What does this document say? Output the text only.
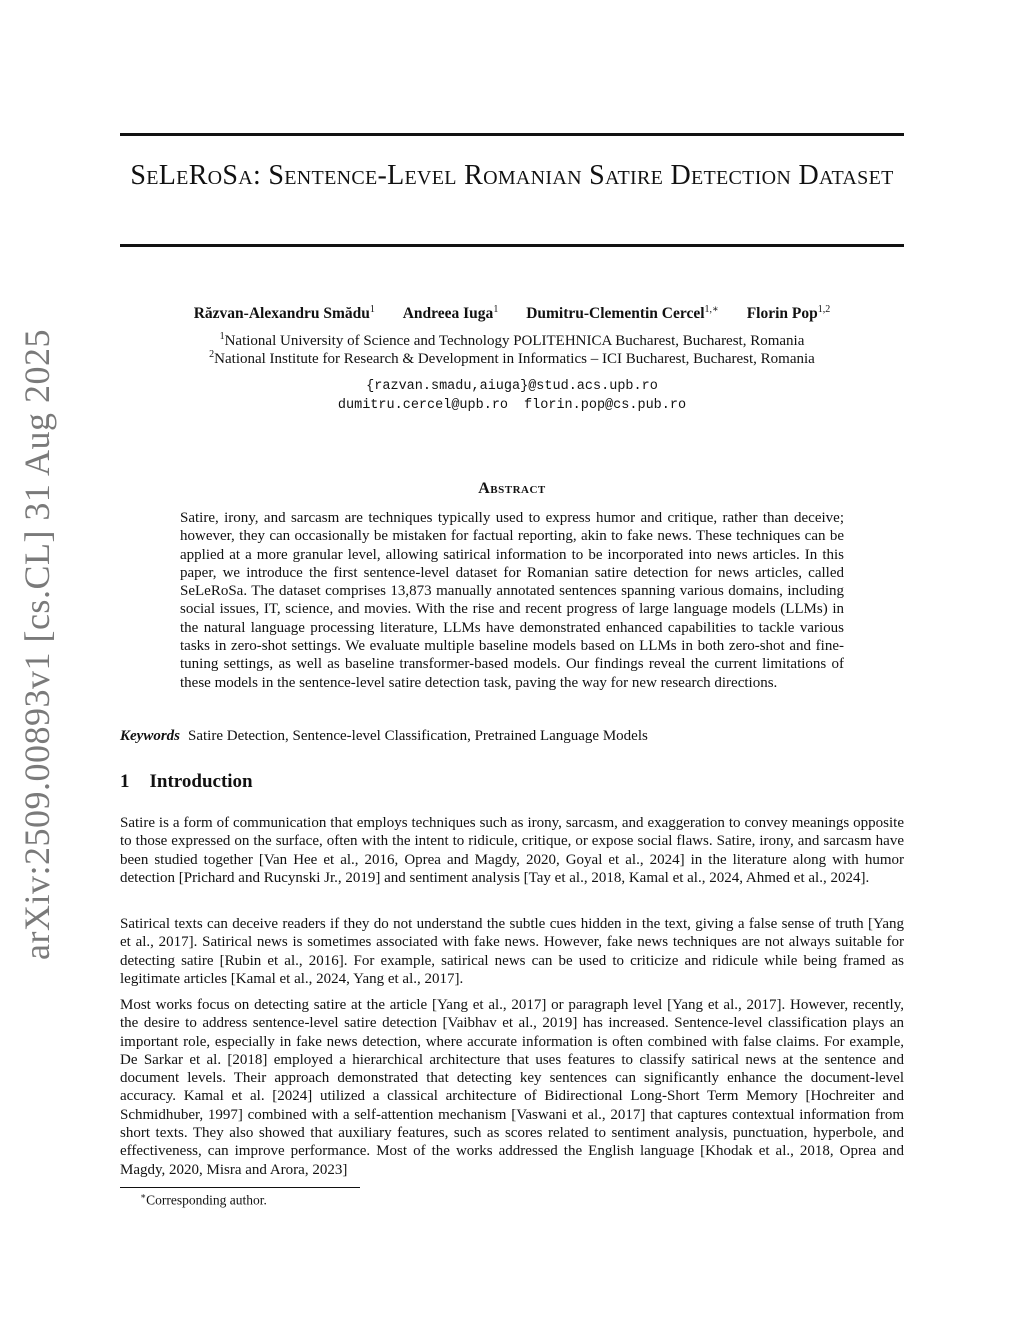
arXiv:2509.00893v1 [cs.CL] 31 Aug 2025
SeLeRoSa: Sentence-Level Romanian Satire Detection Dataset
Răzvan-Alexandru Smădu$^1$ Andreea Iuga$^1$ Dumitru-Clementin Cercel$^{1,∗}$ Florin Pop$^{1,2}$
$^1$National University of Science and Technology POLITEHNICA Bucharest, Bucharest, Romania
$^2$National Institute for Research & Development in Informatics – ICI Bucharest, Bucharest, Romania
{razvan.smadu,aiuga}@stud.acs.upb.ro
dumitru.cercel@upb.ro florin.pop@cs.pub.ro
Abstract

Satire, irony, and sarcasm are techniques typically used to express humor and critique, rather than deceive; however, they can occasionally be mistaken for factual reporting, akin to fake news. These techniques can be applied at a more granular level, allowing satirical information to be incorporated into news articles. In this paper, we introduce the first sentence-level dataset for Romanian satire detection for news articles, called SeLeRoSa. The dataset comprises 13,873 manually annotated sentences spanning various domains, including social issues, IT, science, and movies. With the rise and recent progress of large language models (LLMs) in the natural language processing literature, LLMs have demonstrated enhanced capabilities to tackle various tasks in zero-shot settings. We evaluate multiple baseline models based on LLMs in both zero-shot and fine-tuning settings, as well as baseline transformer-based models. Our findings reveal the current limitations of these models in the sentence-level satire detection task, paving the way for new research directions.

Keywords Satire Detection, Sentence-level Classification, Pretrained Language Models

1 Introduction

Satire is a form of communication that employs techniques such as irony, sarcasm, and exaggeration to convey meanings opposite to those expressed on the surface, often with the intent to ridicule, critique, or expose social flaws. Satire, irony, and sarcasm have been studied together [Van Hee et al., 2016, Oprea and Magdy, 2020, Goyal et al., 2024] in the literature along with humor detection [Prichard and Rucynski Jr., 2019] and sentiment analysis [Tay et al., 2018, Kamal et al., 2024, Ahmed et al., 2024].

Satirical texts can deceive readers if they do not understand the subtle cues hidden in the text, giving a false sense of truth [Yang et al., 2017]. Satirical news is sometimes associated with fake news. However, fake news techniques are not always suitable for detecting satire [Rubin et al., 2016]. For example, satirical news can be used to criticize and ridicule while being framed as legitimate articles [Kamal et al., 2024, Yang et al., 2017].

Most works focus on detecting satire at the article [Yang et al., 2017] or paragraph level [Yang et al., 2017]. However, recently, the desire to address sentence-level satire detection [Vaibhav et al., 2019] has increased. Sentence-level classification plays an important role, especially in fake news detection, where accurate information is often combined with false claims. For example, De Sarkar et al. [2018] employed a hierarchical architecture that uses features to classify satirical news at the sentence and document levels. Their approach demonstrated that detecting key sentences can significantly enhance the document-level accuracy. Kamal et al. [2024] utilized a classical architecture of Bidirectional Long-Short Term Memory [Hochreiter and Schmidhuber, 1997] combined with a self-attention mechanism [Vaswani et al., 2017] that captures contextual information from short texts. They also showed that auxiliary features, such as scores related to sentiment analysis, punctuation, hyperbole, and effectiveness, can improve performance. Most of the works addressed the English language [Khodak et al., 2018, Oprea and Magdy, 2020, Misra and Arora, 2023]

∗Corresponding author.
